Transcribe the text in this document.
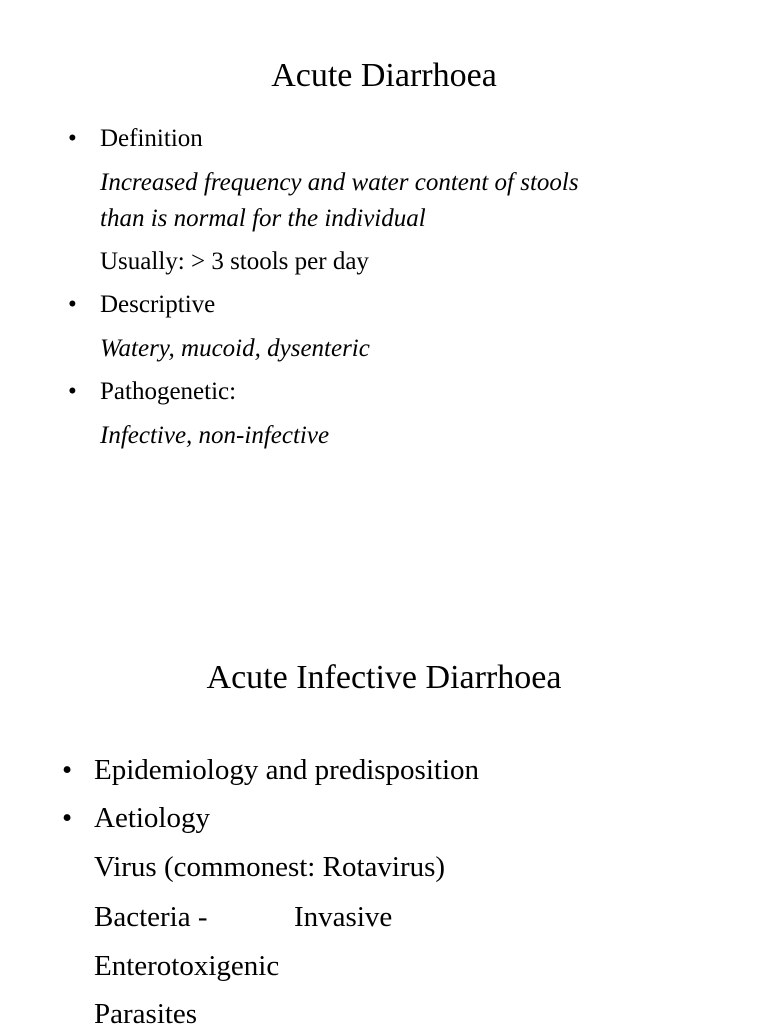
Acute Diarrhoea
• Definition
Increased frequency and water content of stools
than is normal for the individual
Usually: > 3 stools per day
• Descriptive
Watery, mucoid, dysenteric
• Pathogenetic:
Infective, non-infective
Acute Infective Diarrhoea
• Epidemiology and predisposition
• Aetiology
Virus (commonest: Rotavirus)
Bacteria -	Invasive
Enterotoxigenic
Parasites
